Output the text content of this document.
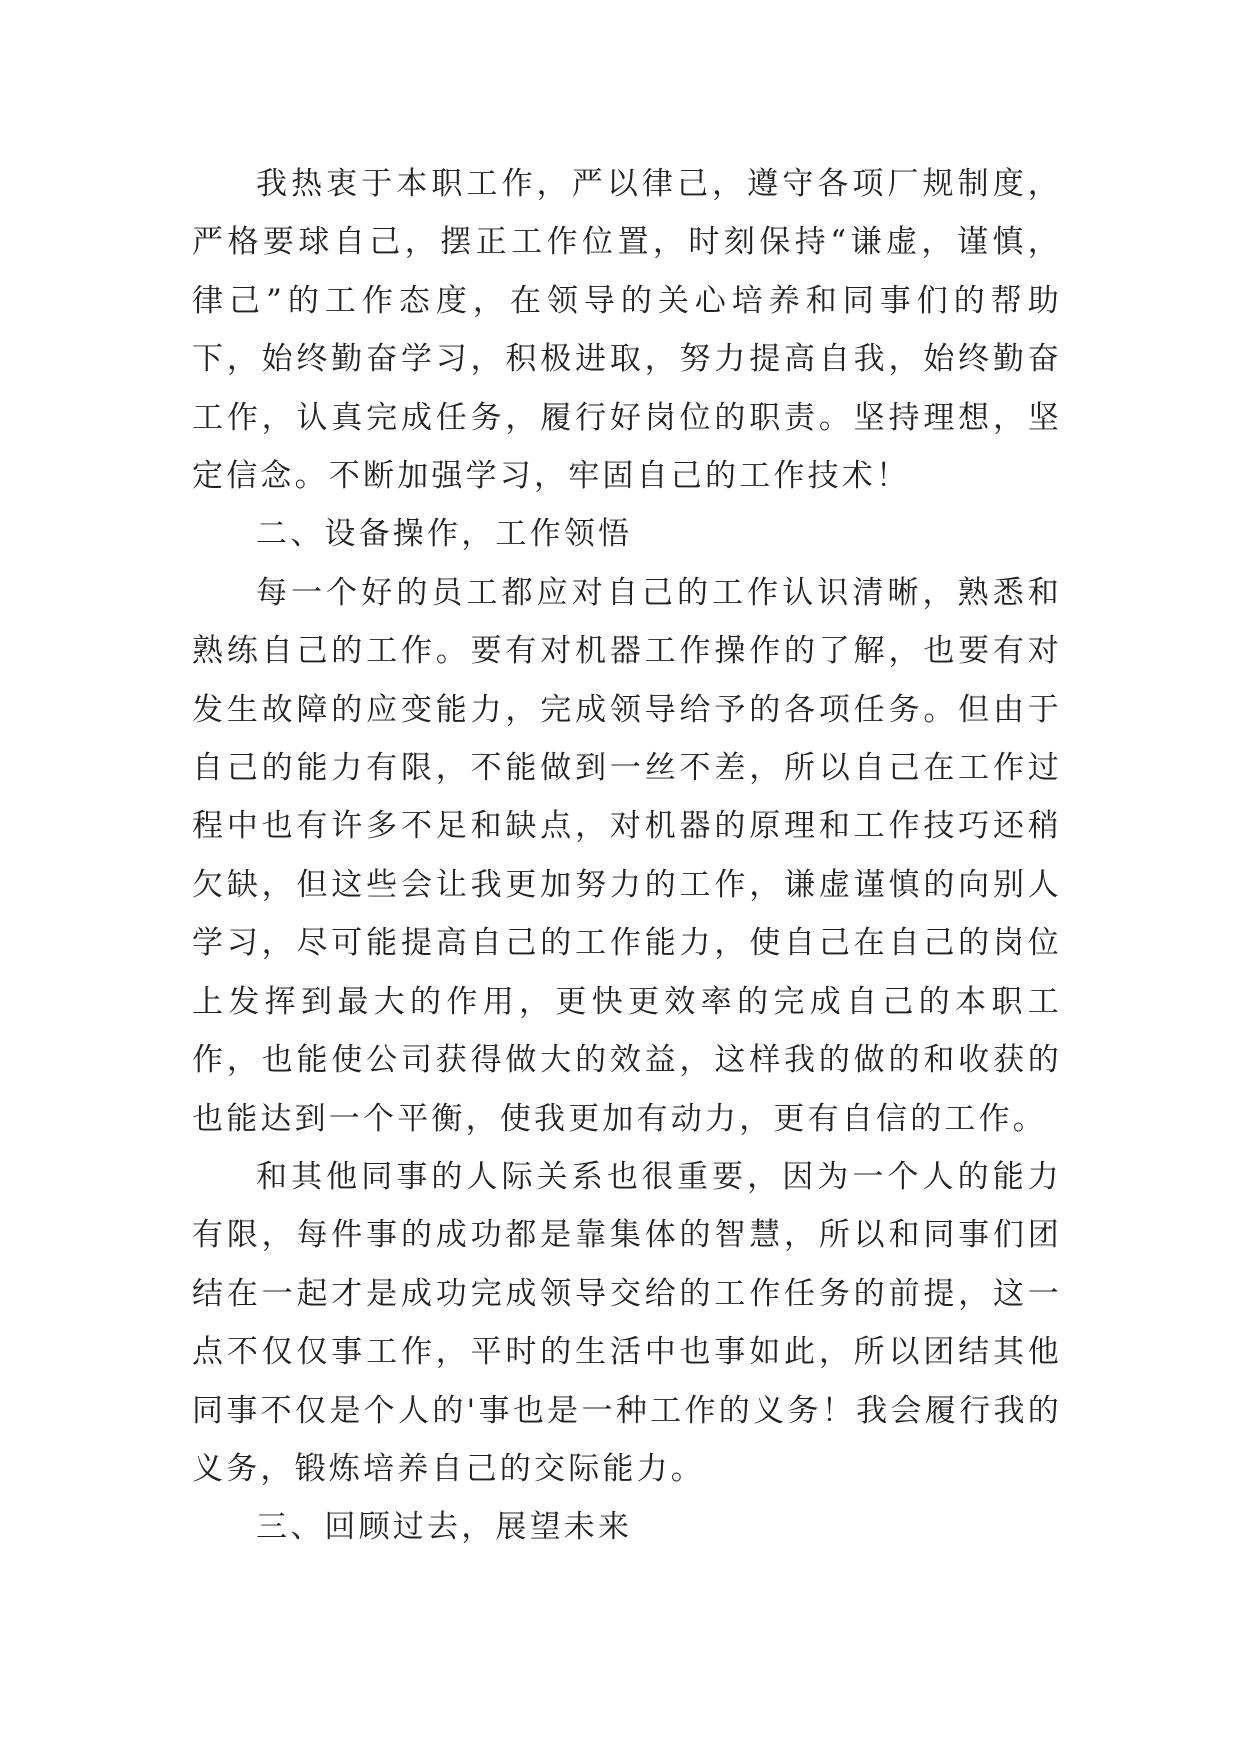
我热衷于本职工作，严以律己，遵守各项厂规制度，严格要球自己，摆正工作位置，时刻保持“谦虚，谨慎，律己”的工作态度，在领导的关心培养和同事们的帮助下，始终勤奋学习，积极进取，努力提高自我，始终勤奋工作，认真完成任务，履行好岗位的职责。坚持理想，坚定信念。不断加强学习，牢固自己的工作技术！

二、设备操作，工作领悟

每一个好的员工都应对自己的工作认识清晰，熟悉和熟练自己的工作。要有对机器工作操作的了解，也要有对发生故障的应变能力，完成领导给予的各项任务。但由于自己的能力有限，不能做到一丝不差，所以自己在工作过程中也有许多不足和缺点，对机器的原理和工作技巧还稍欠缺，但这些会让我更加努力的工作，谦虚谨慎的向别人学习，尽可能提高自己的工作能力，使自己在自己的岗位上发挥到最大的作用，更快更效率的完成自己的本职工作，也能使公司获得做大的效益，这样我的做的和收获的也能达到一个平衡，使我更加有动力，更有自信的工作。

和其他同事的人际关系也很重要，因为一个人的能力有限，每件事的成功都是靠集体的智慧，所以和同事们团结在一起才是成功完成领导交给的工作任务的前提，这一点不仅仅事工作，平时的生活中也事如此，所以团结其他同事不仅是个人的'事也是一种工作的义务！我会履行我的义务，锻炼培养自己的交际能力。

三、回顾过去，展望未来
